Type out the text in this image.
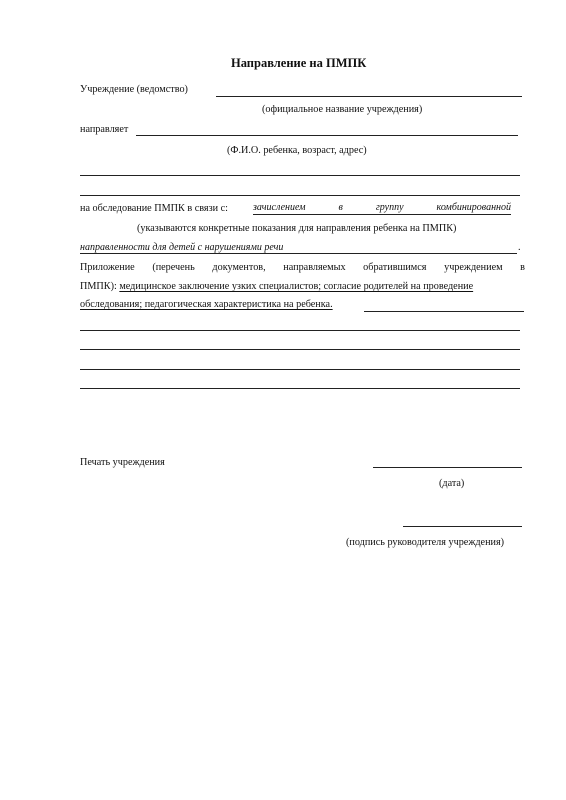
Направление на ПМПК
Учреждение (ведомство)
(официальное название учреждения)
направляет
(Ф.И.О. ребенка, возраст, адрес)
на обследование ПМПК в связи с:	зачислением	в	группу	комбинированной
(указываются конкретные показания для направления ребенка на ПМПК)
направленности для детей с нарушениями речи	.
Приложение (перечень документов, направляемых обратившимся учреждением в
ПМПК): медицинское заключение узких специалистов; согласие родителей на проведение
обследования; педагогическая характеристика на ребенка.
Печать учреждения
(дата)
(подпись руководителя учреждения)
